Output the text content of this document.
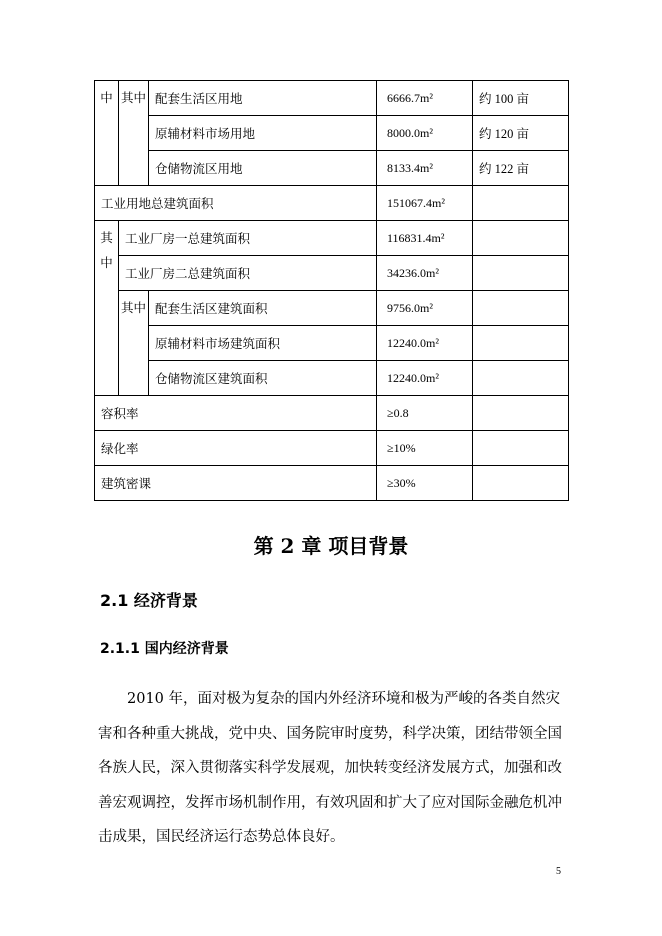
中	其中	配套生活区用地	6666.7m²	约 100 亩
		原辅材料市场用地	8000.0m²	约 120 亩
		仓储物流区用地	8133.4m²	约 122 亩
工业用地总建筑面积			151067.4m²	
其中	工业厂房一总建筑面积		116831.4m²	
	工业厂房二总建筑面积		34236.0m²	
	其中	配套生活区建筑面积	9756.0m²	
		原辅材料市场建筑面积	12240.0m²	
		仓储物流区建筑面积	12240.0m²	
容积率			≥0.8	
绿化率			≥10%	
建筑密课			≥30%	
第 2 章 项目背景
2.1 经济背景
2.1.1 国内经济背景

2010 年，面对极为复杂的国内外经济环境和极为严峻的各类自然灾害和各种重大挑战，党中央、国务院审时度势，科学决策，团结带领全国各族人民，深入贯彻落实科学发展观，加快转变经济发展方式，加强和改善宏观调控，发挥市场机制作用，有效巩固和扩大了应对国际金融危机冲击成果，国民经济运行态势总体良好。

5
